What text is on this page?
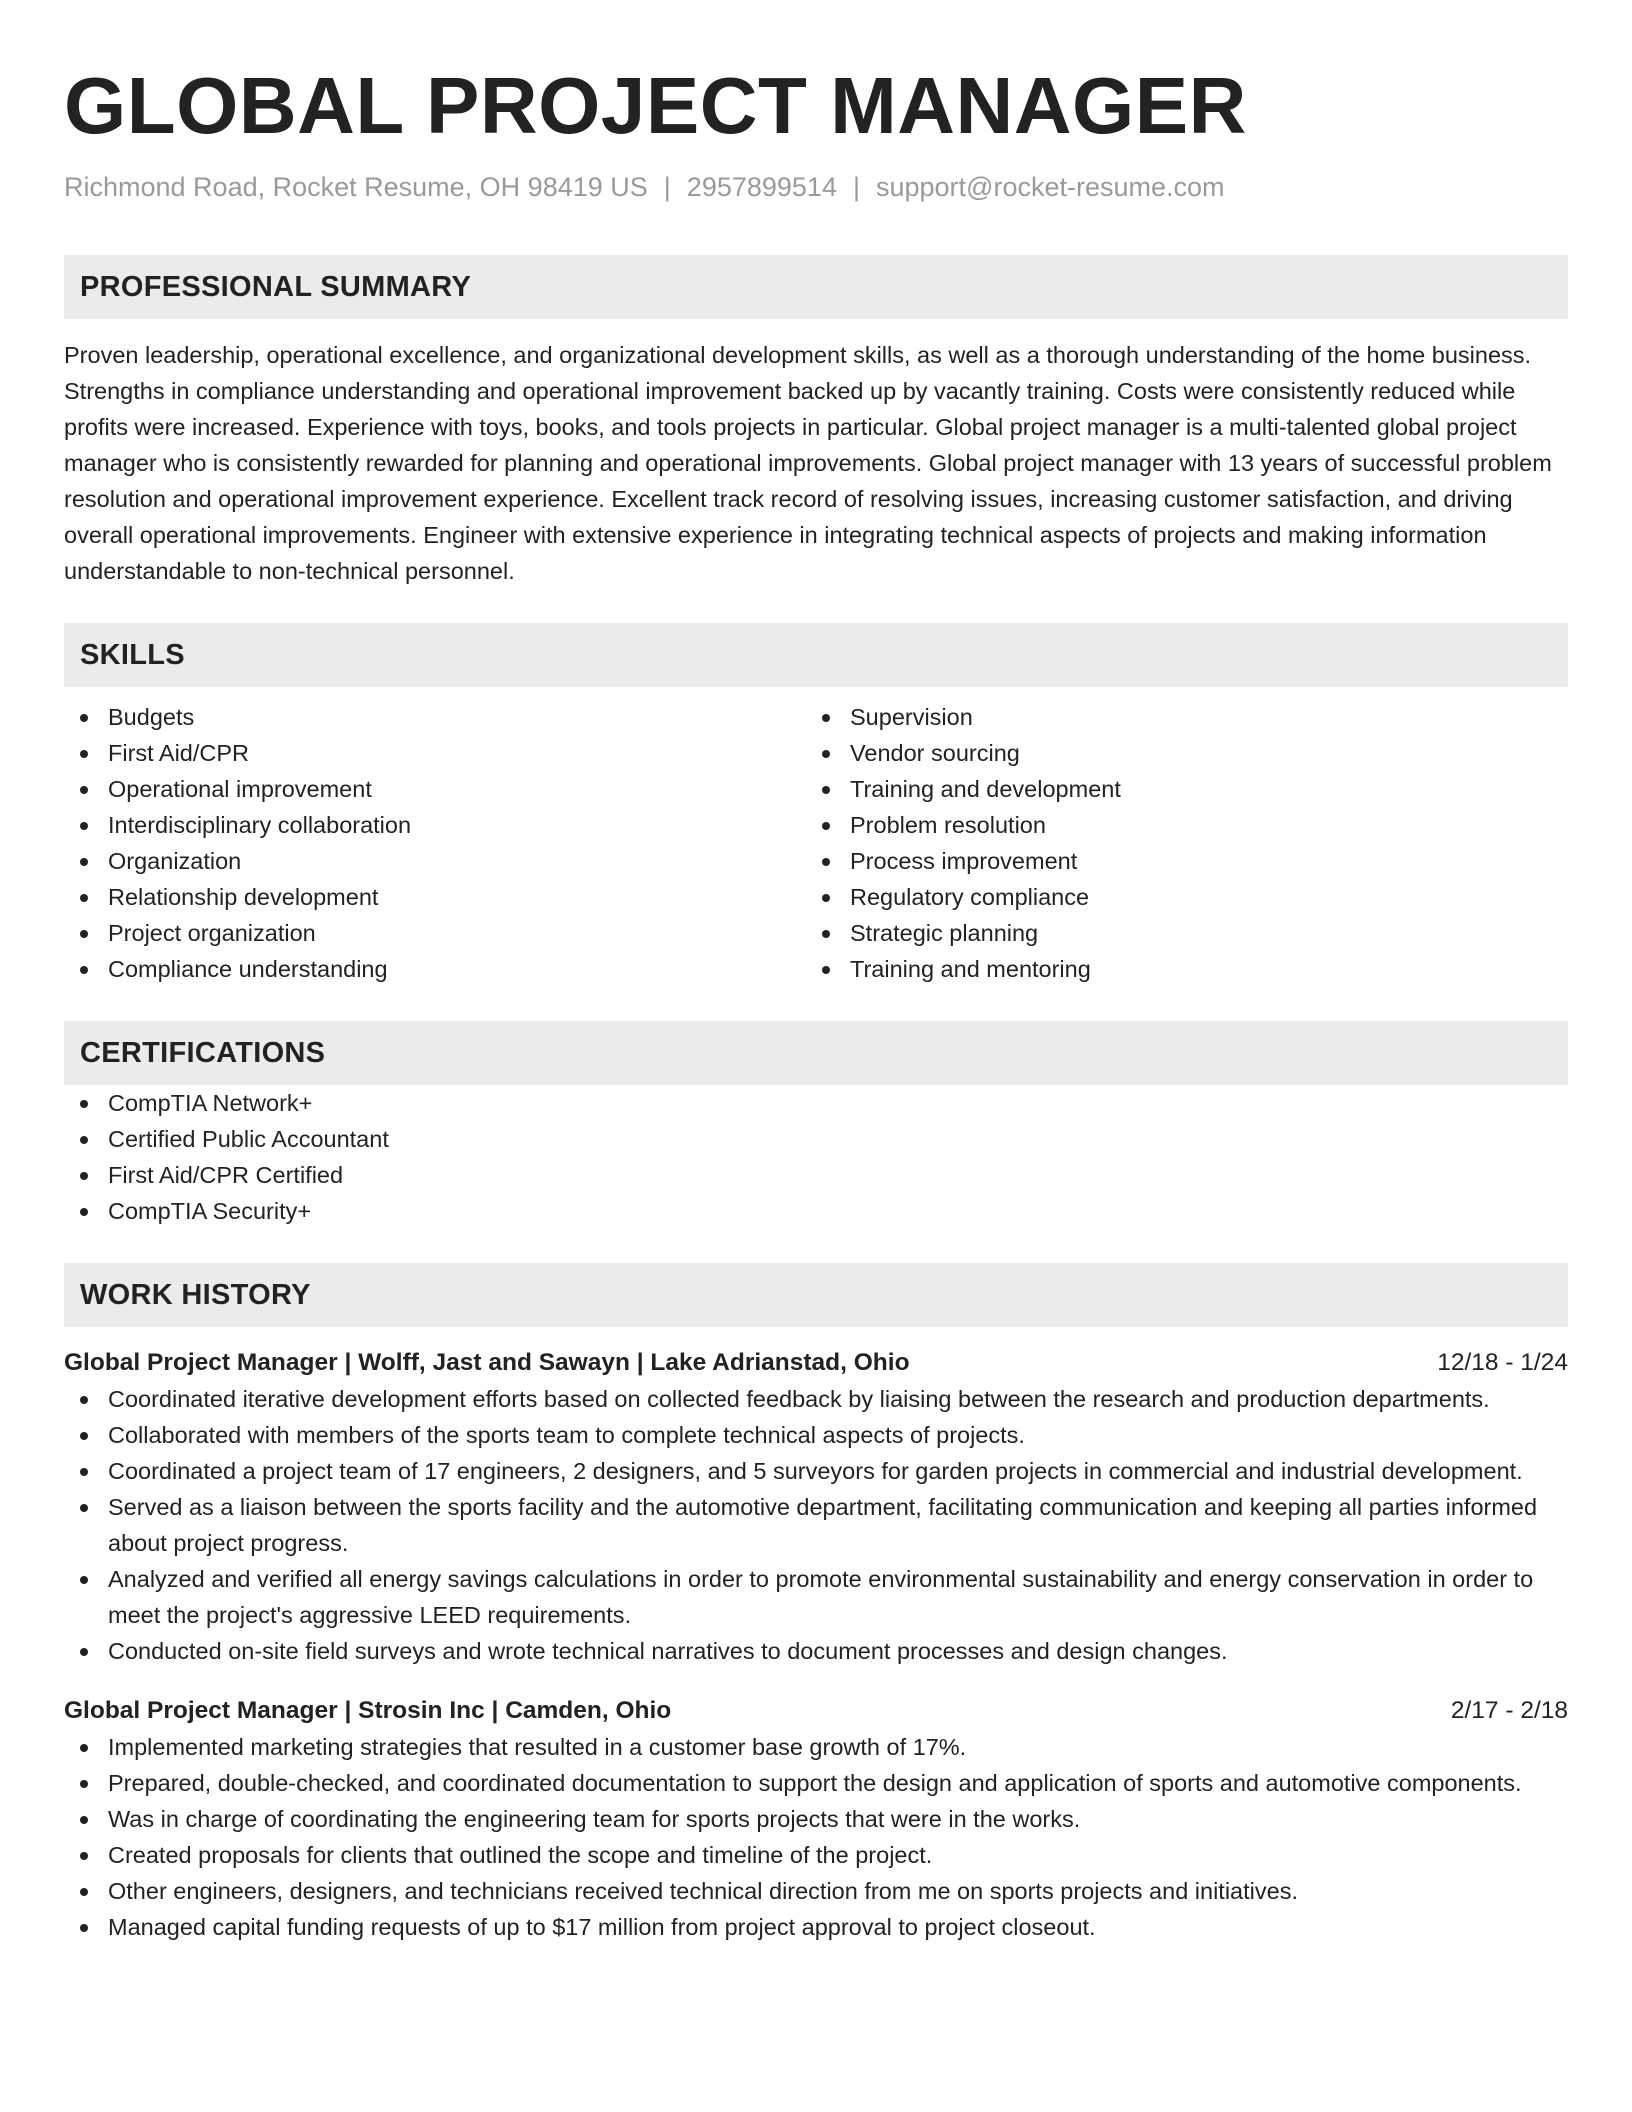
GLOBAL PROJECT MANAGER
Richmond Road, Rocket Resume, OH 98419 US | 2957899514 | support@rocket-resume.com
PROFESSIONAL SUMMARY

Proven leadership, operational excellence, and organizational development skills, as well as a thorough understanding of the home business. Strengths in compliance understanding and operational improvement backed up by vacantly training. Costs were consistently reduced while profits were increased. Experience with toys, books, and tools projects in particular. Global project manager is a multi-talented global project manager who is consistently rewarded for planning and operational improvements. Global project manager with 13 years of successful problem resolution and operational improvement experience. Excellent track record of resolving issues, increasing customer satisfaction, and driving overall operational improvements. Engineer with extensive experience in integrating technical aspects of projects and making information understandable to non-technical personnel.

SKILLS
Budgets
First Aid/CPR
Operational improvement
Interdisciplinary collaboration
Organization
Relationship development
Project organization
Compliance understanding
Supervision
Vendor sourcing
Training and development
Problem resolution
Process improvement
Regulatory compliance
Strategic planning
Training and mentoring
CERTIFICATIONS
CompTIA Network+
Certified Public Accountant
First Aid/CPR Certified
CompTIA Security+
WORK HISTORY
Global Project Manager | Wolff, Jast and Sawayn | Lake Adrianstad, Ohio	12/18 - 1/24
Coordinated iterative development efforts based on collected feedback by liaising between the research and production departments.
Collaborated with members of the sports team to complete technical aspects of projects.
Coordinated a project team of 17 engineers, 2 designers, and 5 surveyors for garden projects in commercial and industrial development.
Served as a liaison between the sports facility and the automotive department, facilitating communication and keeping all parties informed about project progress.
Analyzed and verified all energy savings calculations in order to promote environmental sustainability and energy conservation in order to meet the project's aggressive LEED requirements.
Conducted on-site field surveys and wrote technical narratives to document processes and design changes.
Global Project Manager | Strosin Inc | Camden, Ohio	2/17 - 2/18
Implemented marketing strategies that resulted in a customer base growth of 17%.
Prepared, double-checked, and coordinated documentation to support the design and application of sports and automotive components.
Was in charge of coordinating the engineering team for sports projects that were in the works.
Created proposals for clients that outlined the scope and timeline of the project.
Other engineers, designers, and technicians received technical direction from me on sports projects and initiatives.
Managed capital funding requests of up to $17 million from project approval to project closeout.
